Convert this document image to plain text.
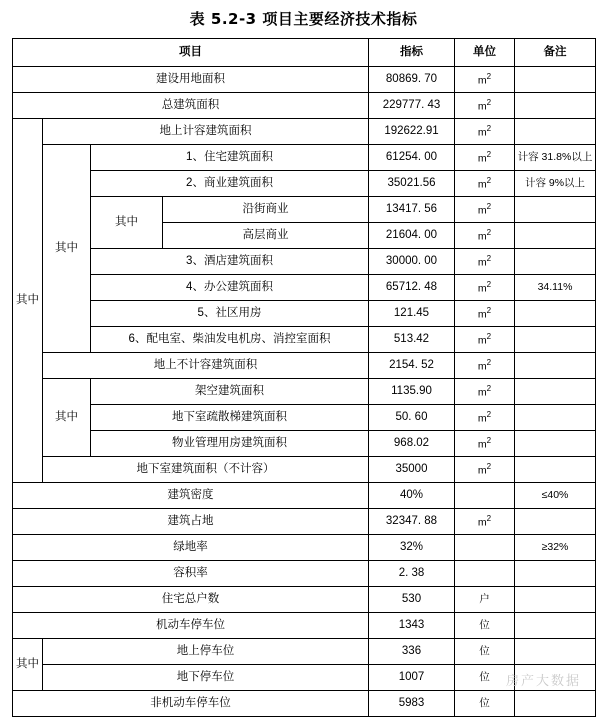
表 5.2-3 项目主要经济技术指标
项目				指标	单位	备注
建设用地面积				80869. 70	$m^2$	
总建筑面积				229777. 43	$m^2$	
其中	地上计容建筑面积			192622.91	$m^2$	
	其中	1、住宅建筑面积		61254. 00	$m^2$	计容 31.8%以上
		2、商业建筑面积		35021.56	$m^2$	计容 9%以上
		其中	沿街商业	13417. 56	$m^2$	
			高层商业	21604. 00	$m^2$	
		3、酒店建筑面积		30000. 00	$m^2$	
		4、办公建筑面积		65712. 48	$m^2$	34.11%
		5、社区用房		121.45	$m^2$	
		6、配电室、柴油发电机房、消控室面积		513.42	$m^2$	
	地上不计容建筑面积			2154. 52	$m^2$	
	其中	架空建筑面积		1135.90	$m^2$	
		地下室疏散梯建筑面积		50. 60	$m^2$	
		物业管理用房建筑面积		968.02	$m^2$	
	地下室建筑面积（不计容）			35000	$m^2$	
建筑密度				40%		≤40%
建筑占地				32347. 88	$m^2$	
绿地率				32%		≥32%
容积率				2. 38		
住宅总户数				530	户	
机动车停车位				1343	位	
其中	地上停车位			336	位	
	地下停车位			1007	位	
非机动车停车位				5983	位	
房产大数据
